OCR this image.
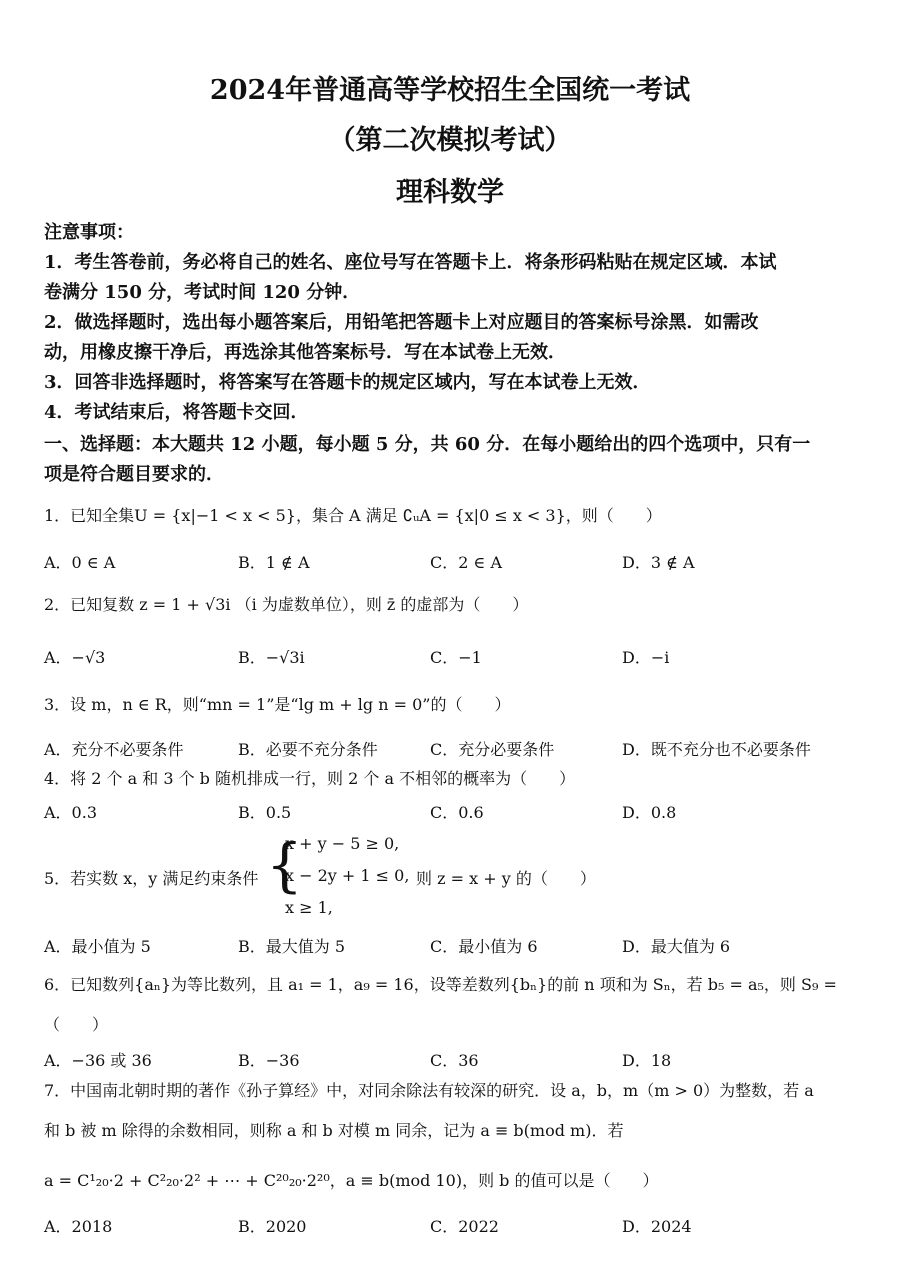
2024年普通高等学校招生全国统一考试
（第二次模拟考试）
理科数学
注意事项：
1．考生答卷前，务必将自己的姓名、座位号写在答题卡上．将条形码粘贴在规定区域．本试
卷满分 150 分，考试时间 120 分钟．
2．做选择题时，选出每小题答案后，用铅笔把答题卡上对应题目的答案标号涂黑．如需改
动，用橡皮擦干净后，再选涂其他答案标号．写在本试卷上无效．
3．回答非选择题时，将答案写在答题卡的规定区域内，写在本试卷上无效．
4．考试结束后，将答题卡交回．
一、选择题：本大题共 12 小题，每小题 5 分，共 60 分．在每小题给出的四个选项中，只有一
项是符合题目要求的．
1．已知全集U = {x|−1 < x < 5}，集合 A 满足 ∁ᵤA = {x|0 ≤ x < 3}，则（　　）
A．0 ∈ A	B．1 ∉ A	C．2 ∈ A	D．3 ∉ A
2．已知复数 z = 1 + √3i （i 为虚数单位），则 z̄ 的虚部为（　　）
A．−√3	B．−√3i	C．−1	D．−i
3．设 m，n ∈ R，则“mn = 1”是“lg m + lg n = 0”的（　　）
A．充分不必要条件	B．必要不充分条件	C．充分必要条件	D．既不充分也不必要条件
4．将 2 个 a 和 3 个 b 随机排成一行，则 2 个 a 不相邻的概率为（　　）
A．0.3	B．0.5	C．0.6	D．0.8
5．若实数 x，y 满足约束条件 {
x + y − 5 ≥ 0,
x − 2y + 1 ≤ 0,
x ≥ 1,
则 z = x + y 的（　　）
A．最小值为 5	B．最大值为 5	C．最小值为 6	D．最大值为 6
6．已知数列{aₙ}为等比数列，且 a₁ = 1，a₉ = 16，设等差数列{bₙ}的前 n 项和为 Sₙ，若 b₅ = a₅，则 S₉ =
（　　）
A．−36 或 36	B．−36	C．36	D．18
7．中国南北朝时期的著作《孙子算经》中，对同余除法有较深的研究．设 a，b，m（m > 0）为整数，若 a
和 b 被 m 除得的余数相同，则称 a 和 b 对模 m 同余，记为 a ≡ b(mod m)．若
a = C¹₂₀·2 + C²₂₀·2² + ⋯ + C²⁰₂₀·2²⁰，a ≡ b(mod 10)，则 b 的值可以是（　　）
A．2018	B．2020	C．2022	D．2024
